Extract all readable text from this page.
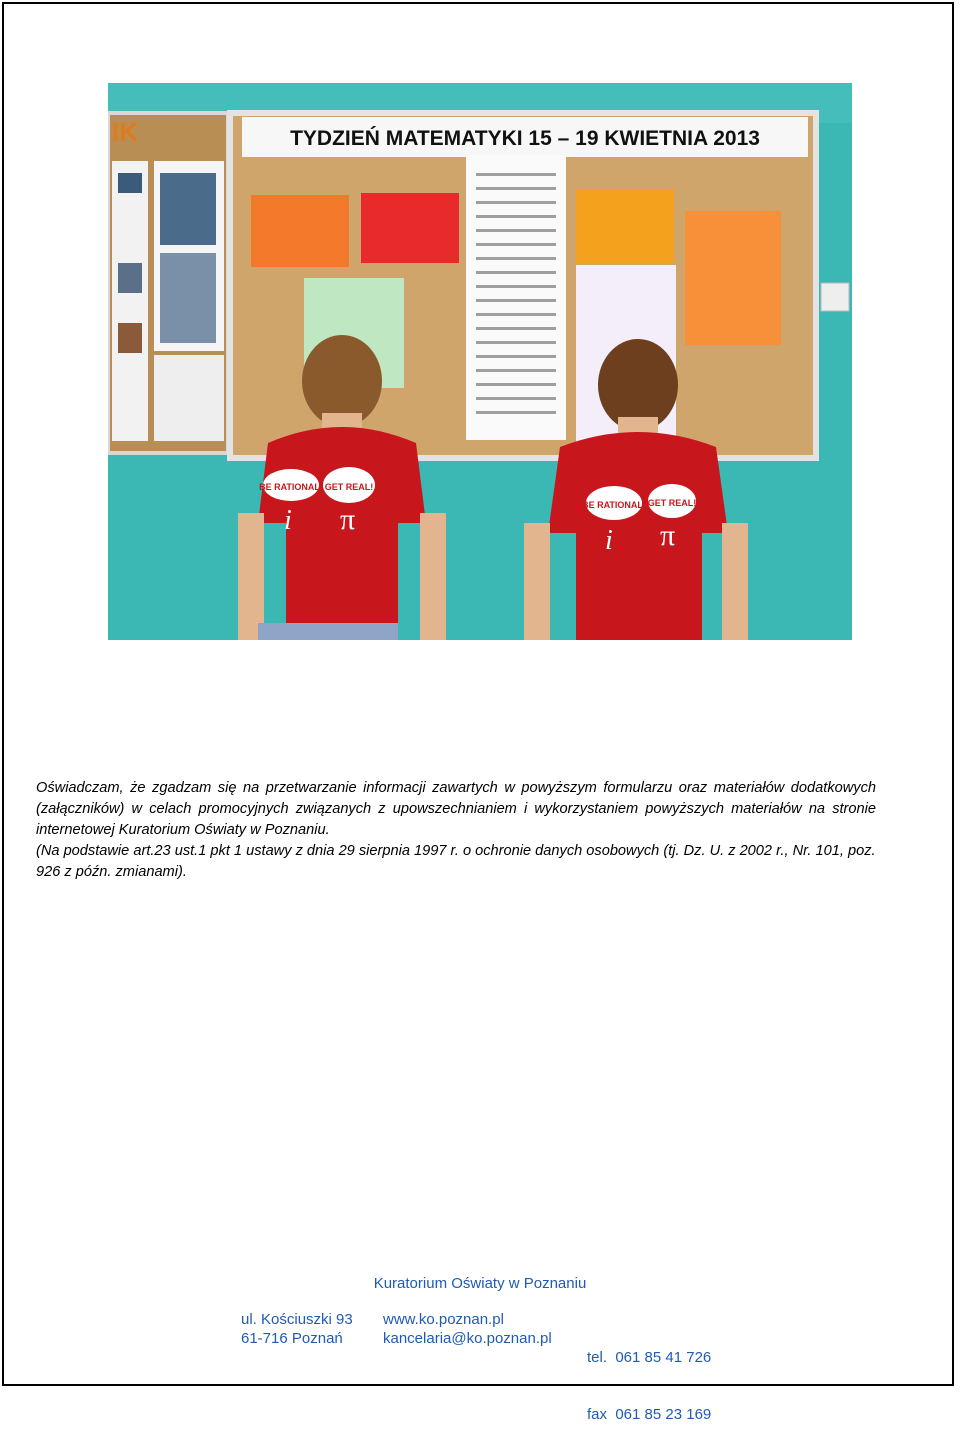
IK	TYDZIEŃ MATEMATYKI 15 – 19 KWIETNIA 2013
BE RATIONAL! GET REAL!
i π	BE RATIONAL! GET REAL!
i π

Oświadczam, że zgadzam się na przetwarzanie informacji zawartych w powyższym formularzu oraz materiałów dodatkowych (załączników) w celach promocyjnych związanych z upowszechnianiem i wykorzystaniem powyższych materiałów na stronie internetowej Kuratorium Oświaty w Poznaniu.

(Na podstawie art.23 ust.1 pkt 1 ustawy z dnia 29 sierpnia 1997 r. o ochronie danych osobowych (tj. Dz. U. z 2002 r., Nr. 101, poz. 926 z późn. zmianami).

Kuratorium Oświaty w Poznaniu
ul. Kościuszki 93
61-716 Poznań
www.ko.poznan.pl
kancelaria@ko.poznan.pl

tel.  061 85 41 726

fax  061 85 23 169
